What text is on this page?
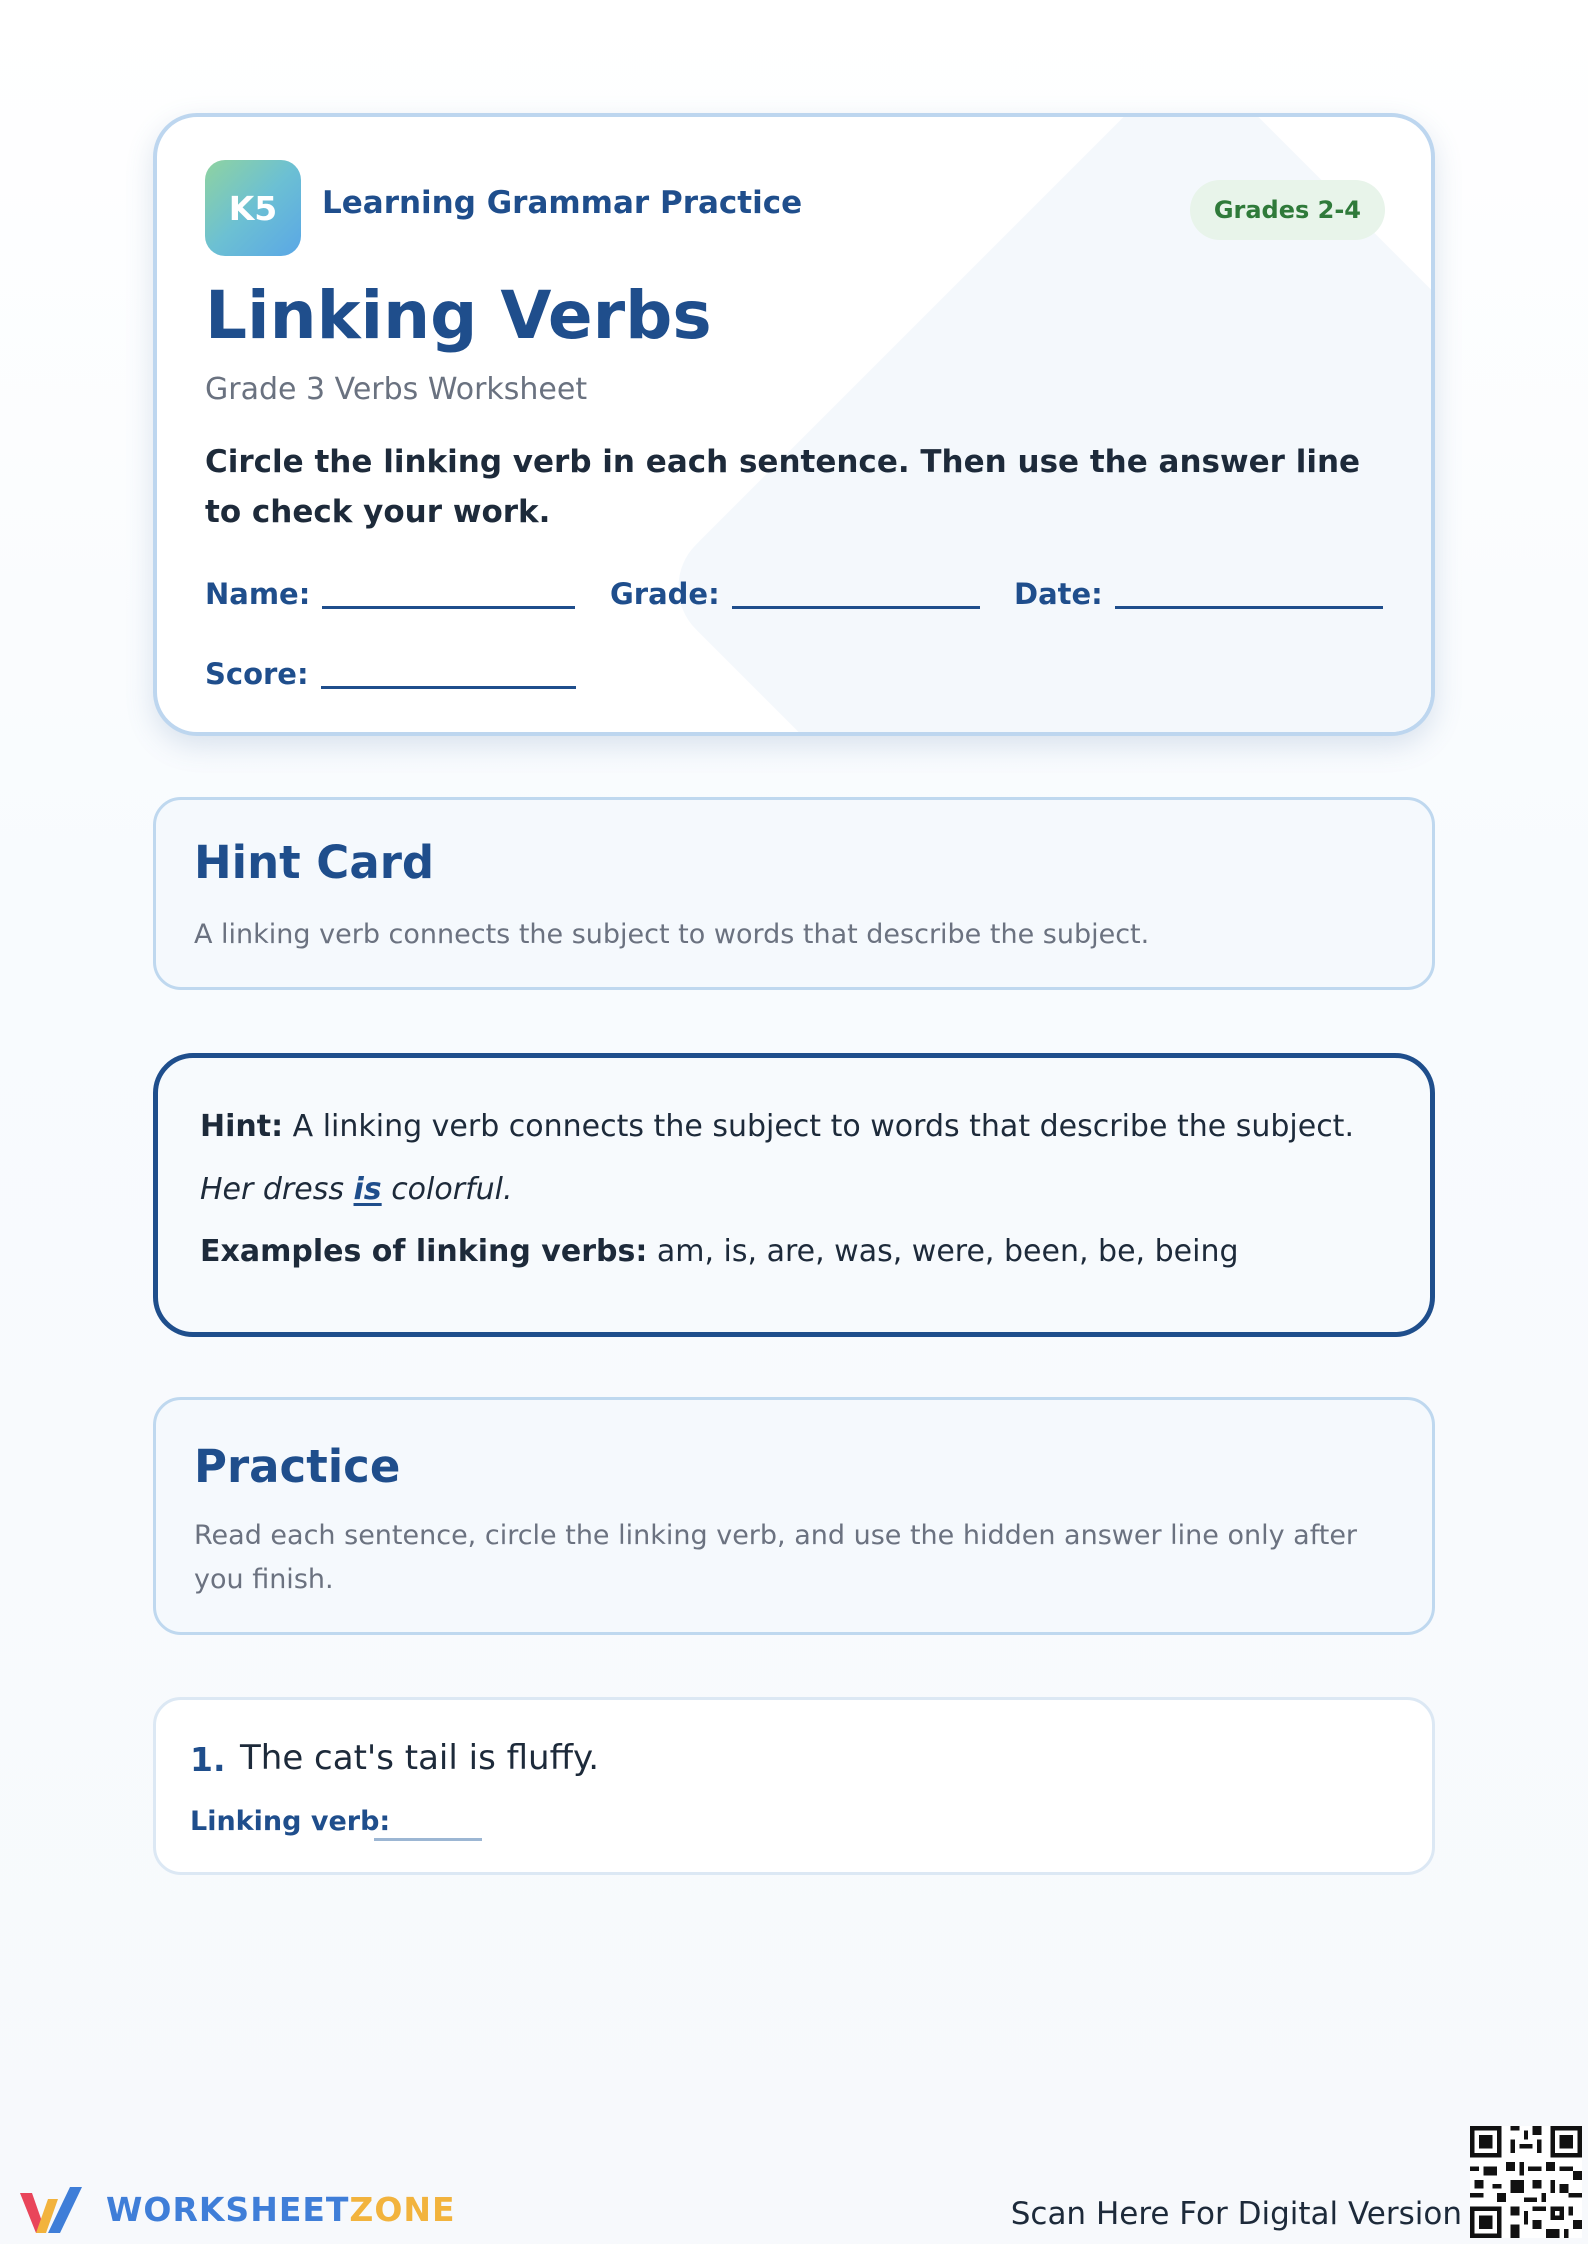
K5	Learning Grammar Practice	Grades 2-4
Linking Verbs
Grade 3 Verbs Worksheet

Circle the linking verb in each sentence. Then use the answer line to check your work.

Name:	Grade:	Date:
Score:
Hint Card

A linking verb connects the subject to words that describe the subject.

Hint: A linking verb connects the subject to words that describe the subject.
Her dress is colorful.
Examples of linking verbs: am, is, are, was, were, been, be, being
Practice

Read each sentence, circle the linking verb, and use the hidden answer line only after you finish.

1. The cat's tail is fluffy.
Linking verb:
WORKSHEETZONE	Scan Here For Digital Version
